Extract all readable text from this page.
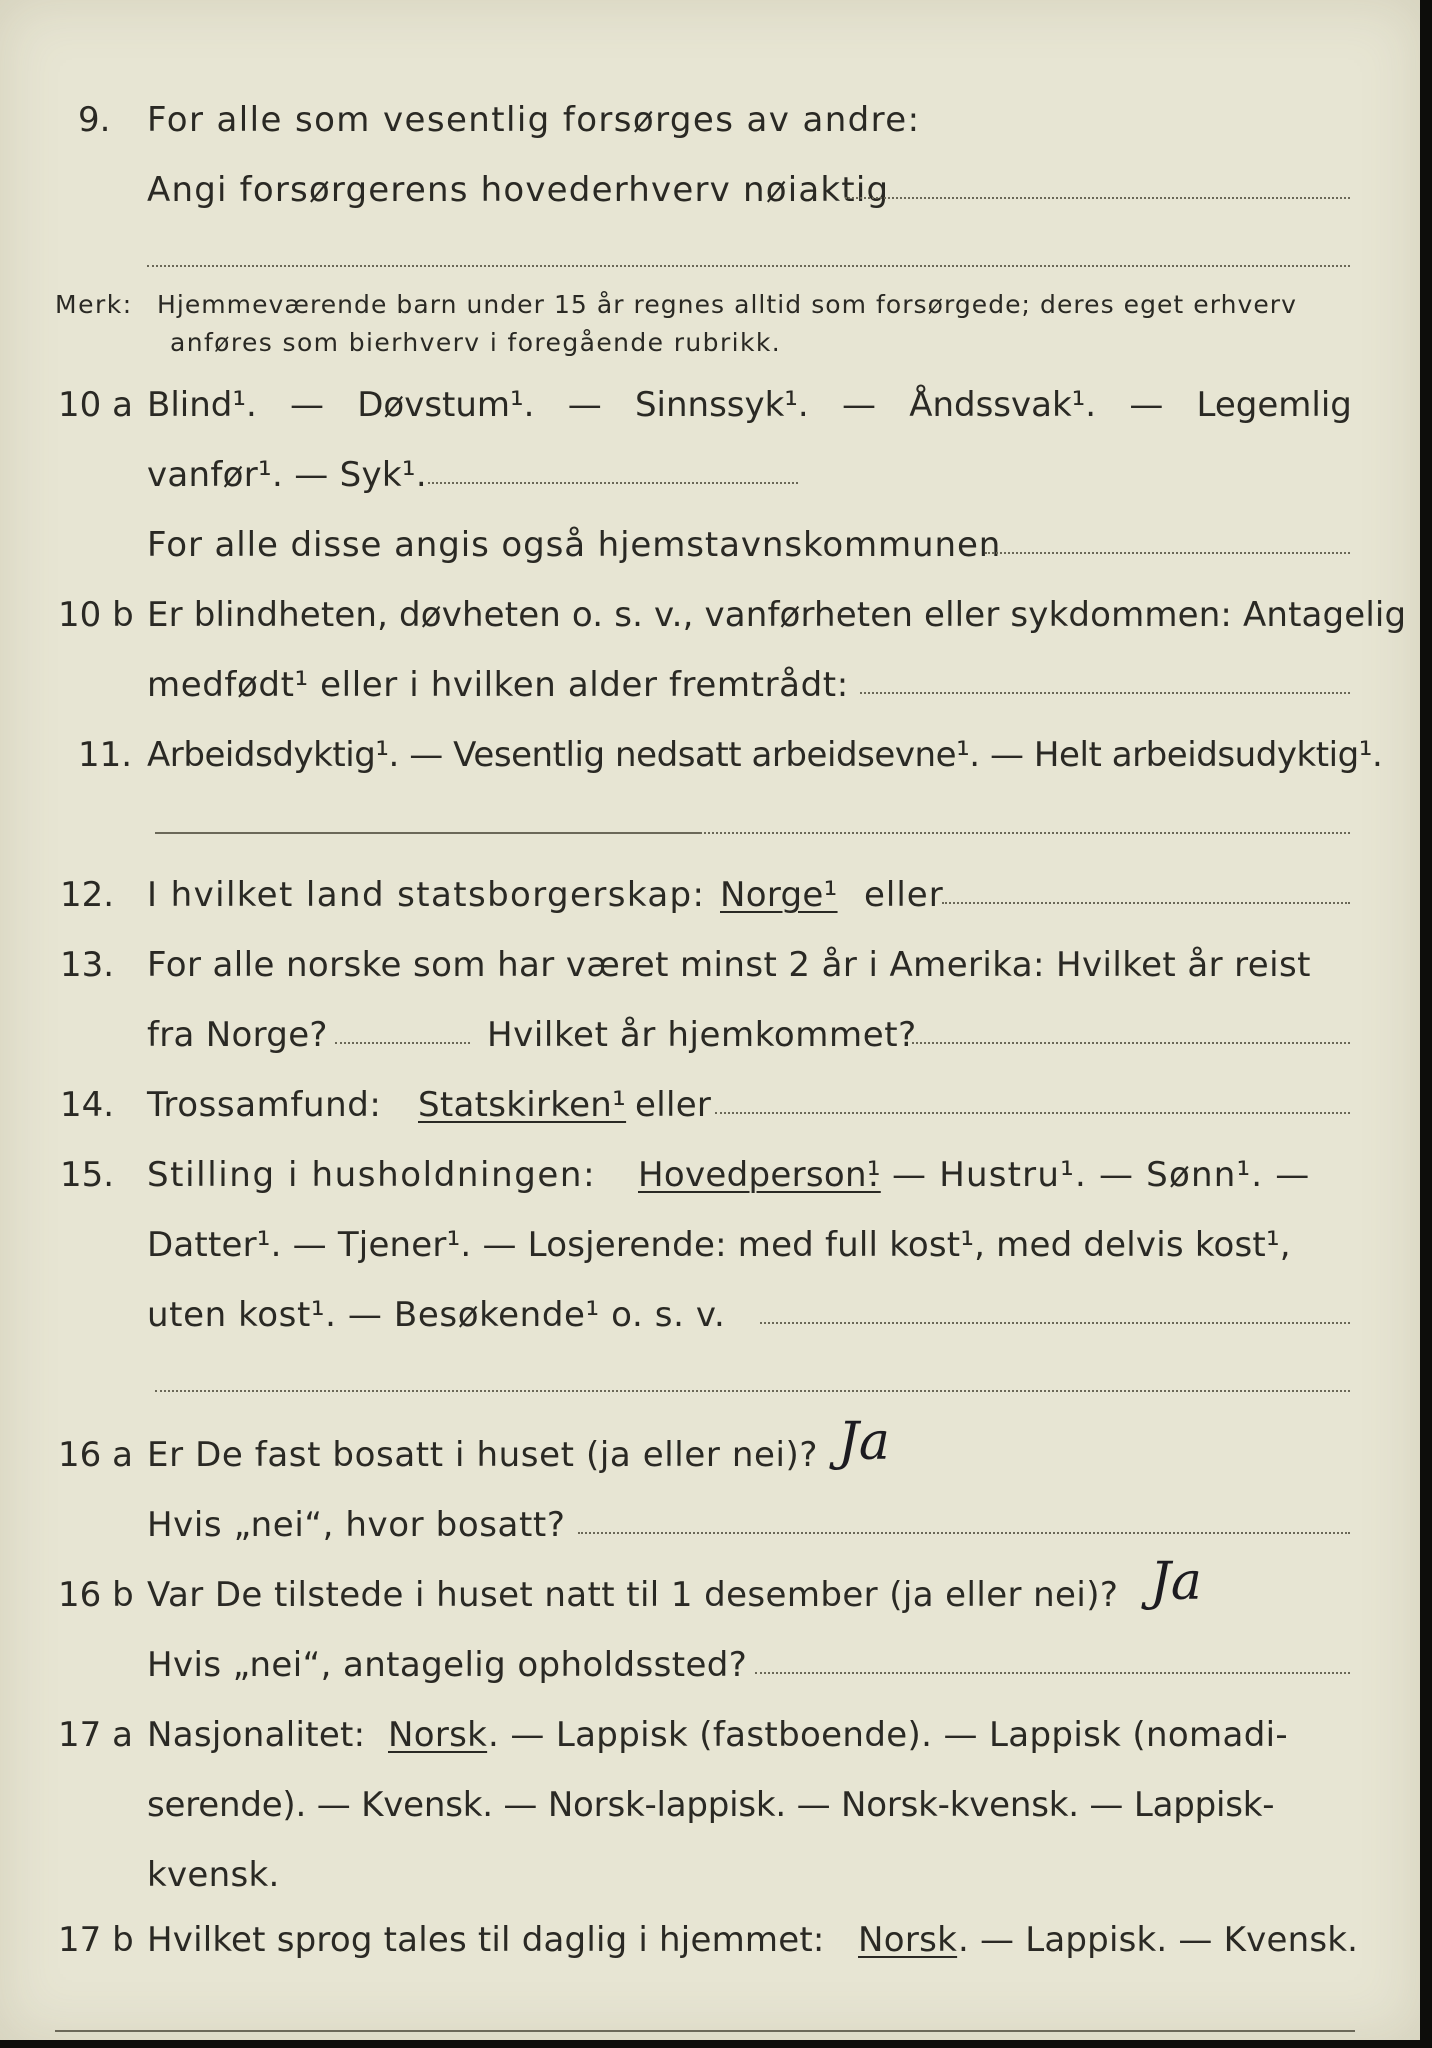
9. For alle som vesentlig forsørges av andre:
Angi forsørgerens hovederhverv nøiaktig
Merk: Hjemmeværende barn under 15 år regnes alltid som forsørgede; deres eget erhverv
anføres som bierhverv i foregående rubrikk.
10 a Blind¹. — Døvstum¹. — Sinnssyk¹. — Åndssvak¹. — Legemlig
vanfør¹. — Syk¹.
For alle disse angis også hjemstavnskommunen
10 b Er blindheten, døvheten o. s. v., vanførheten eller sykdommen: Antagelig
medfødt¹ eller i hvilken alder fremtrådt:
11. Arbeidsdyktig¹. — Vesentlig nedsatt arbeidsevne¹. — Helt arbeidsudyktig¹.
12. I hvilket land statsborgerskap: Norge¹ eller
13. For alle norske som har været minst 2 år i Amerika: Hvilket år reist
fra Norge?	Hvilket år hjemkommet?
14. Trossamfund: Statskirken¹ eller
15. Stilling i husholdningen: Hovedperson¹
. — Hustru¹. — Sønn¹. —
Datter¹. — Tjener¹. — Losjerende: med full kost¹, med delvis kost¹,
uten kost¹. — Besøkende¹ o. s. v.
16 a Er De fast bosatt i huset (ja eller nei)? Ja
Hvis „nei“, hvor bosatt?
16 b Var De tilstede i huset natt til 1 desember (ja eller nei)? Ja
Hvis „nei“, antagelig opholdssted?
17 a Nasjonalitet: Norsk . — Lappisk (fastboende). — Lappisk (nomadi-
serende). — Kvensk. — Norsk-lappisk. — Norsk-kvensk. — Lappisk-
kvensk.
17 b Hvilket sprog tales til daglig i hjemmet: Norsk . — Lappisk. — Kvensk.
